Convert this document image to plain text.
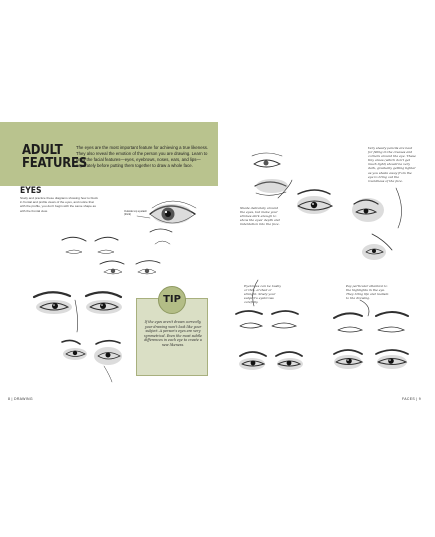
ADULT
FEATURES
The eyes are the most important feature for achieving a true likeness. They also reveal the emotion of the person you are drawing. Learn to draw the facial features—eyes, eyebrows, noses, ears, and lips—separately before putting them together to draw a whole face.
EYES
Study and practice these diagrams showing how to block in frontal and profile views of the eyes, and notice that with the profile, you don't begin with the same shape as with the frontal view.	Outside top eyelash (thick)
Very steady pencils are best for filling in the creases and corners around the eye. These tiny areas (which don't get much light) should be very dark, gradually getting lighter as you shade away from the eye to bring out the roundness of the face.
Shade delicately around the eyes, but make your strokes dark enough to show the eyes' depth and indentation into the face.
Eyebrows can be bushy or thin, arched or straight. Study your subject's eyebrows carefully.
Pay particular attention to the highlights in the eye. They bring life and realism to the drawing.
TIP
If the eyes aren't drawn correctly, your drawing won't look like your subject. A person's eyes are very symmetrical. Even the most subtle differences in each eye to create a new likeness.
8 | DRAWING	FACES | 9
